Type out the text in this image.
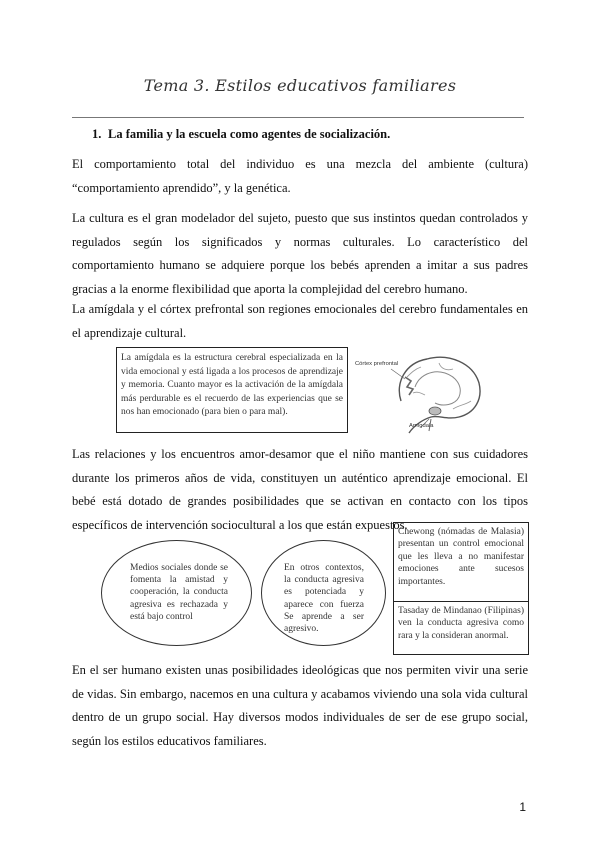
Tema 3. Estilos educativos familiares
1. La familia y la escuela como agentes de socialización.

El comportamiento total del individuo es una mezcla del ambiente (cultura) “comportamiento aprendido”, y la genética.

La cultura es el gran modelador del sujeto, puesto que sus instintos quedan controlados y regulados según los significados y normas culturales. Lo característico del comportamiento humano se adquiere porque los bebés aprenden a imitar a sus padres gracias a la enorme flexibilidad que aporta la complejidad del cerebro humano.

La amígdala y el córtex prefrontal son regiones emocionales del cerebro fundamentales en el aprendizaje cultural.

La amígdala es la estructura cerebral especializada en la vida emocional y está ligada a los procesos de aprendizaje y memoria. Cuanto mayor es la activación de la amígdala más perdurable es el recuerdo de las experiencias que se nos han emocionado (para bien o para mal).
Córtex prefrontal
Amígdala

Las relaciones y los encuentros amor-desamor que el niño mantiene con sus cuidadores durante los primeros años de vida, constituyen un auténtico aprendizaje emocional. El bebé está dotado de grandes posibilidades que se activan en contacto con los tipos específicos de intervención sociocultural a los que están expuestos.

Medios sociales donde se fomenta la amistad y cooperación, la conducta agresiva es rechazada y está bajo control
En otros contextos, la conducta agresiva es potenciada y aparece con fuerza Se aprende a ser agresivo.
Chewong (nómadas de Malasia) presentan un control emocional que les lleva a no manifestar emociones ante sucesos importantes.
Tasaday de Mindanao (Filipinas) ven la conducta agresiva como rara y la consideran anormal.

En el ser humano existen unas posibilidades ideológicas que nos permiten vivir una serie de vidas. Sin embargo, nacemos en una cultura y acabamos viviendo una sola vida cultural dentro de un grupo social. Hay diversos modos individuales de ser de ese grupo social, según los estilos educativos familiares.

1
